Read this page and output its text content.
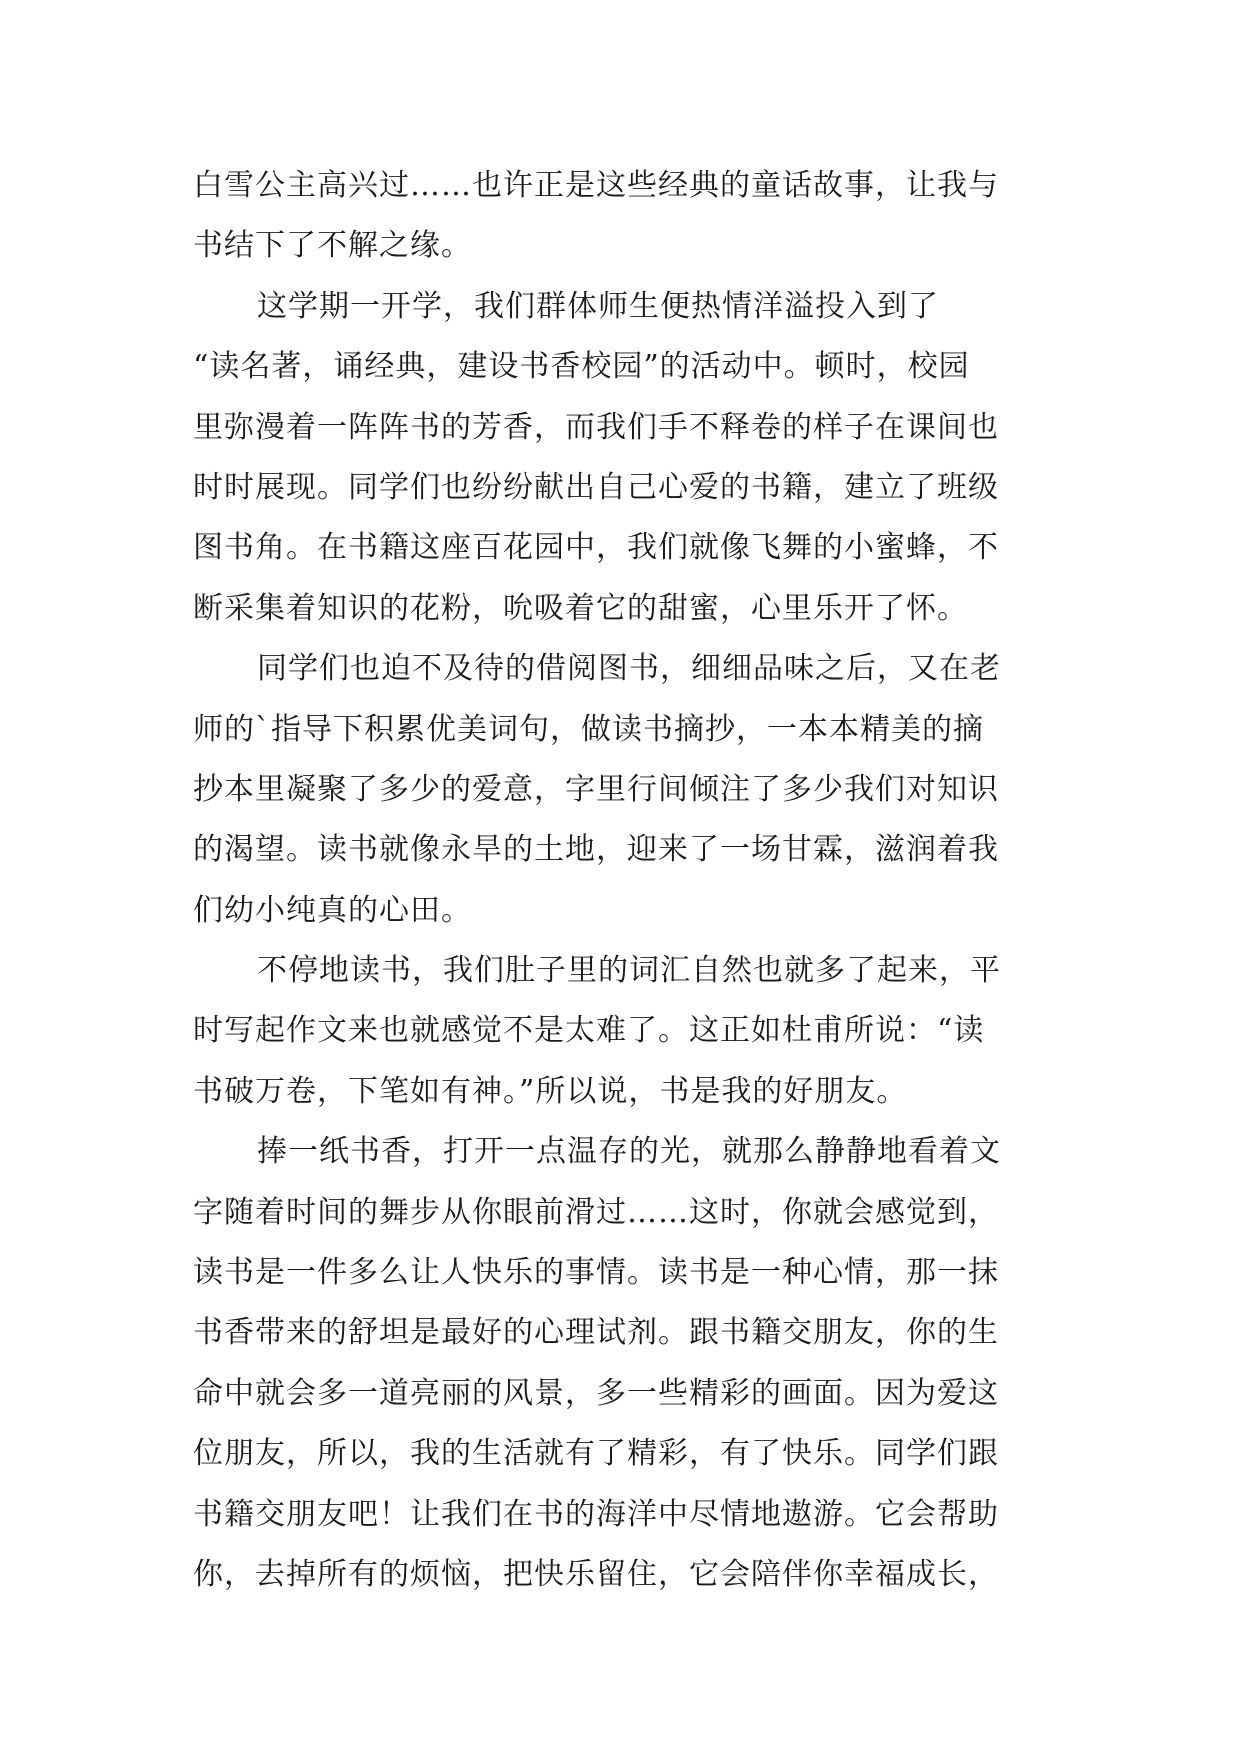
白雪公主高兴过……也许正是这些经典的童话故事，让我与
书结下了不解之缘。
这学期一开学，我们群体师生便热情洋溢投入到了
“读名著，诵经典，建设书香校园”的活动中。顿时，校园
里弥漫着一阵阵书的芳香，而我们手不释卷的样子在课间也
时时展现。同学们也纷纷献出自己心爱的书籍，建立了班级
图书角。在书籍这座百花园中，我们就像飞舞的小蜜蜂，不
断采集着知识的花粉，吮吸着它的甜蜜，心里乐开了怀。
同学们也迫不及待的借阅图书，细细品味之后，又在老
师的`指导下积累优美词句，做读书摘抄，一本本精美的摘
抄本里凝聚了多少的爱意，字里行间倾注了多少我们对知识
的渴望。读书就像永旱的土地，迎来了一场甘霖，滋润着我
们幼小纯真的心田。
不停地读书，我们肚子里的词汇自然也就多了起来，平
时写起作文来也就感觉不是太难了。这正如杜甫所说：“读
书破万卷，下笔如有神。”所以说，书是我的好朋友。
捧一纸书香，打开一点温存的光，就那么静静地看着文
字随着时间的舞步从你眼前滑过……这时，你就会感觉到，
读书是一件多么让人快乐的事情。读书是一种心情，那一抹
书香带来的舒坦是最好的心理试剂。跟书籍交朋友，你的生
命中就会多一道亮丽的风景，多一些精彩的画面。因为爱这
位朋友，所以，我的生活就有了精彩，有了快乐。同学们跟
书籍交朋友吧！让我们在书的海洋中尽情地遨游。它会帮助
你，去掉所有的烦恼，把快乐留住，它会陪伴你幸福成长，
